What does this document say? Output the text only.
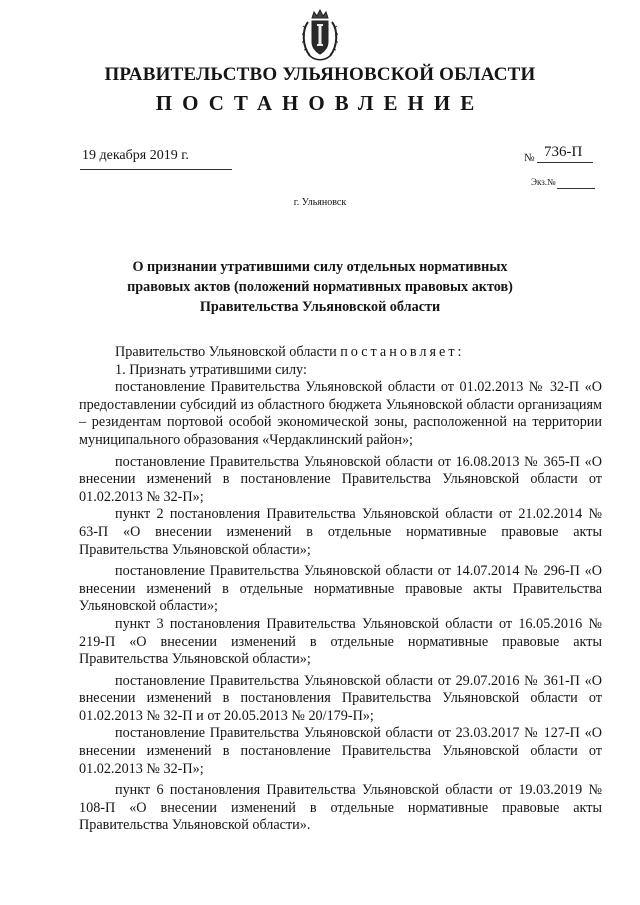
ПРАВИТЕЛЬСТВО УЛЬЯНОВСКОЙ ОБЛАСТИ
ПОСТАНОВЛЕНИЕ
19 декабря 2019 г.	№ 736-П
Экз.№
г. Ульяновск
О признании утратившими силу отдельных нормативных
правовых актов (положений нормативных правовых актов)
Правительства Ульяновской области

Правительство Ульяновской области постановляет:

1. Признать утратившими силу:

постановление Правительства Ульяновской области от 01.02.2013 № 32-П «О предоставлении субсидий из областного бюджета Ульяновской области организациям – резидентам портовой особой экономической зоны, расположенной на территории муниципального образования «Чердаклинский район»;

постановление Правительства Ульяновской области от 16.08.2013 № 365-П «О внесении изменений в постановление Правительства Ульяновской области от 01.02.2013 № 32-П»;

пункт 2 постановления Правительства Ульяновской области от 21.02.2014 № 63-П «О внесении изменений в отдельные нормативные правовые акты Правительства Ульяновской области»;

постановление Правительства Ульяновской области от 14.07.2014 № 296-П «О внесении изменений в отдельные нормативные правовые акты Правительства Ульяновской области»;

пункт 3 постановления Правительства Ульяновской области от 16.05.2016 № 219-П «О внесении изменений в отдельные нормативные правовые акты Правительства Ульяновской области»;

постановление Правительства Ульяновской области от 29.07.2016 № 361-П «О внесении изменений в постановления Правительства Ульяновской области от 01.02.2013 № 32-П и от 20.05.2013 № 20/179-П»;

постановление Правительства Ульяновской области от 23.03.2017 № 127-П «О внесении изменений в постановление Правительства Ульяновской области от 01.02.2013 № 32-П»;

пункт 6 постановления Правительства Ульяновской области от 19.03.2019 № 108-П «О внесении изменений в отдельные нормативные правовые акты Правительства Ульяновской области».
